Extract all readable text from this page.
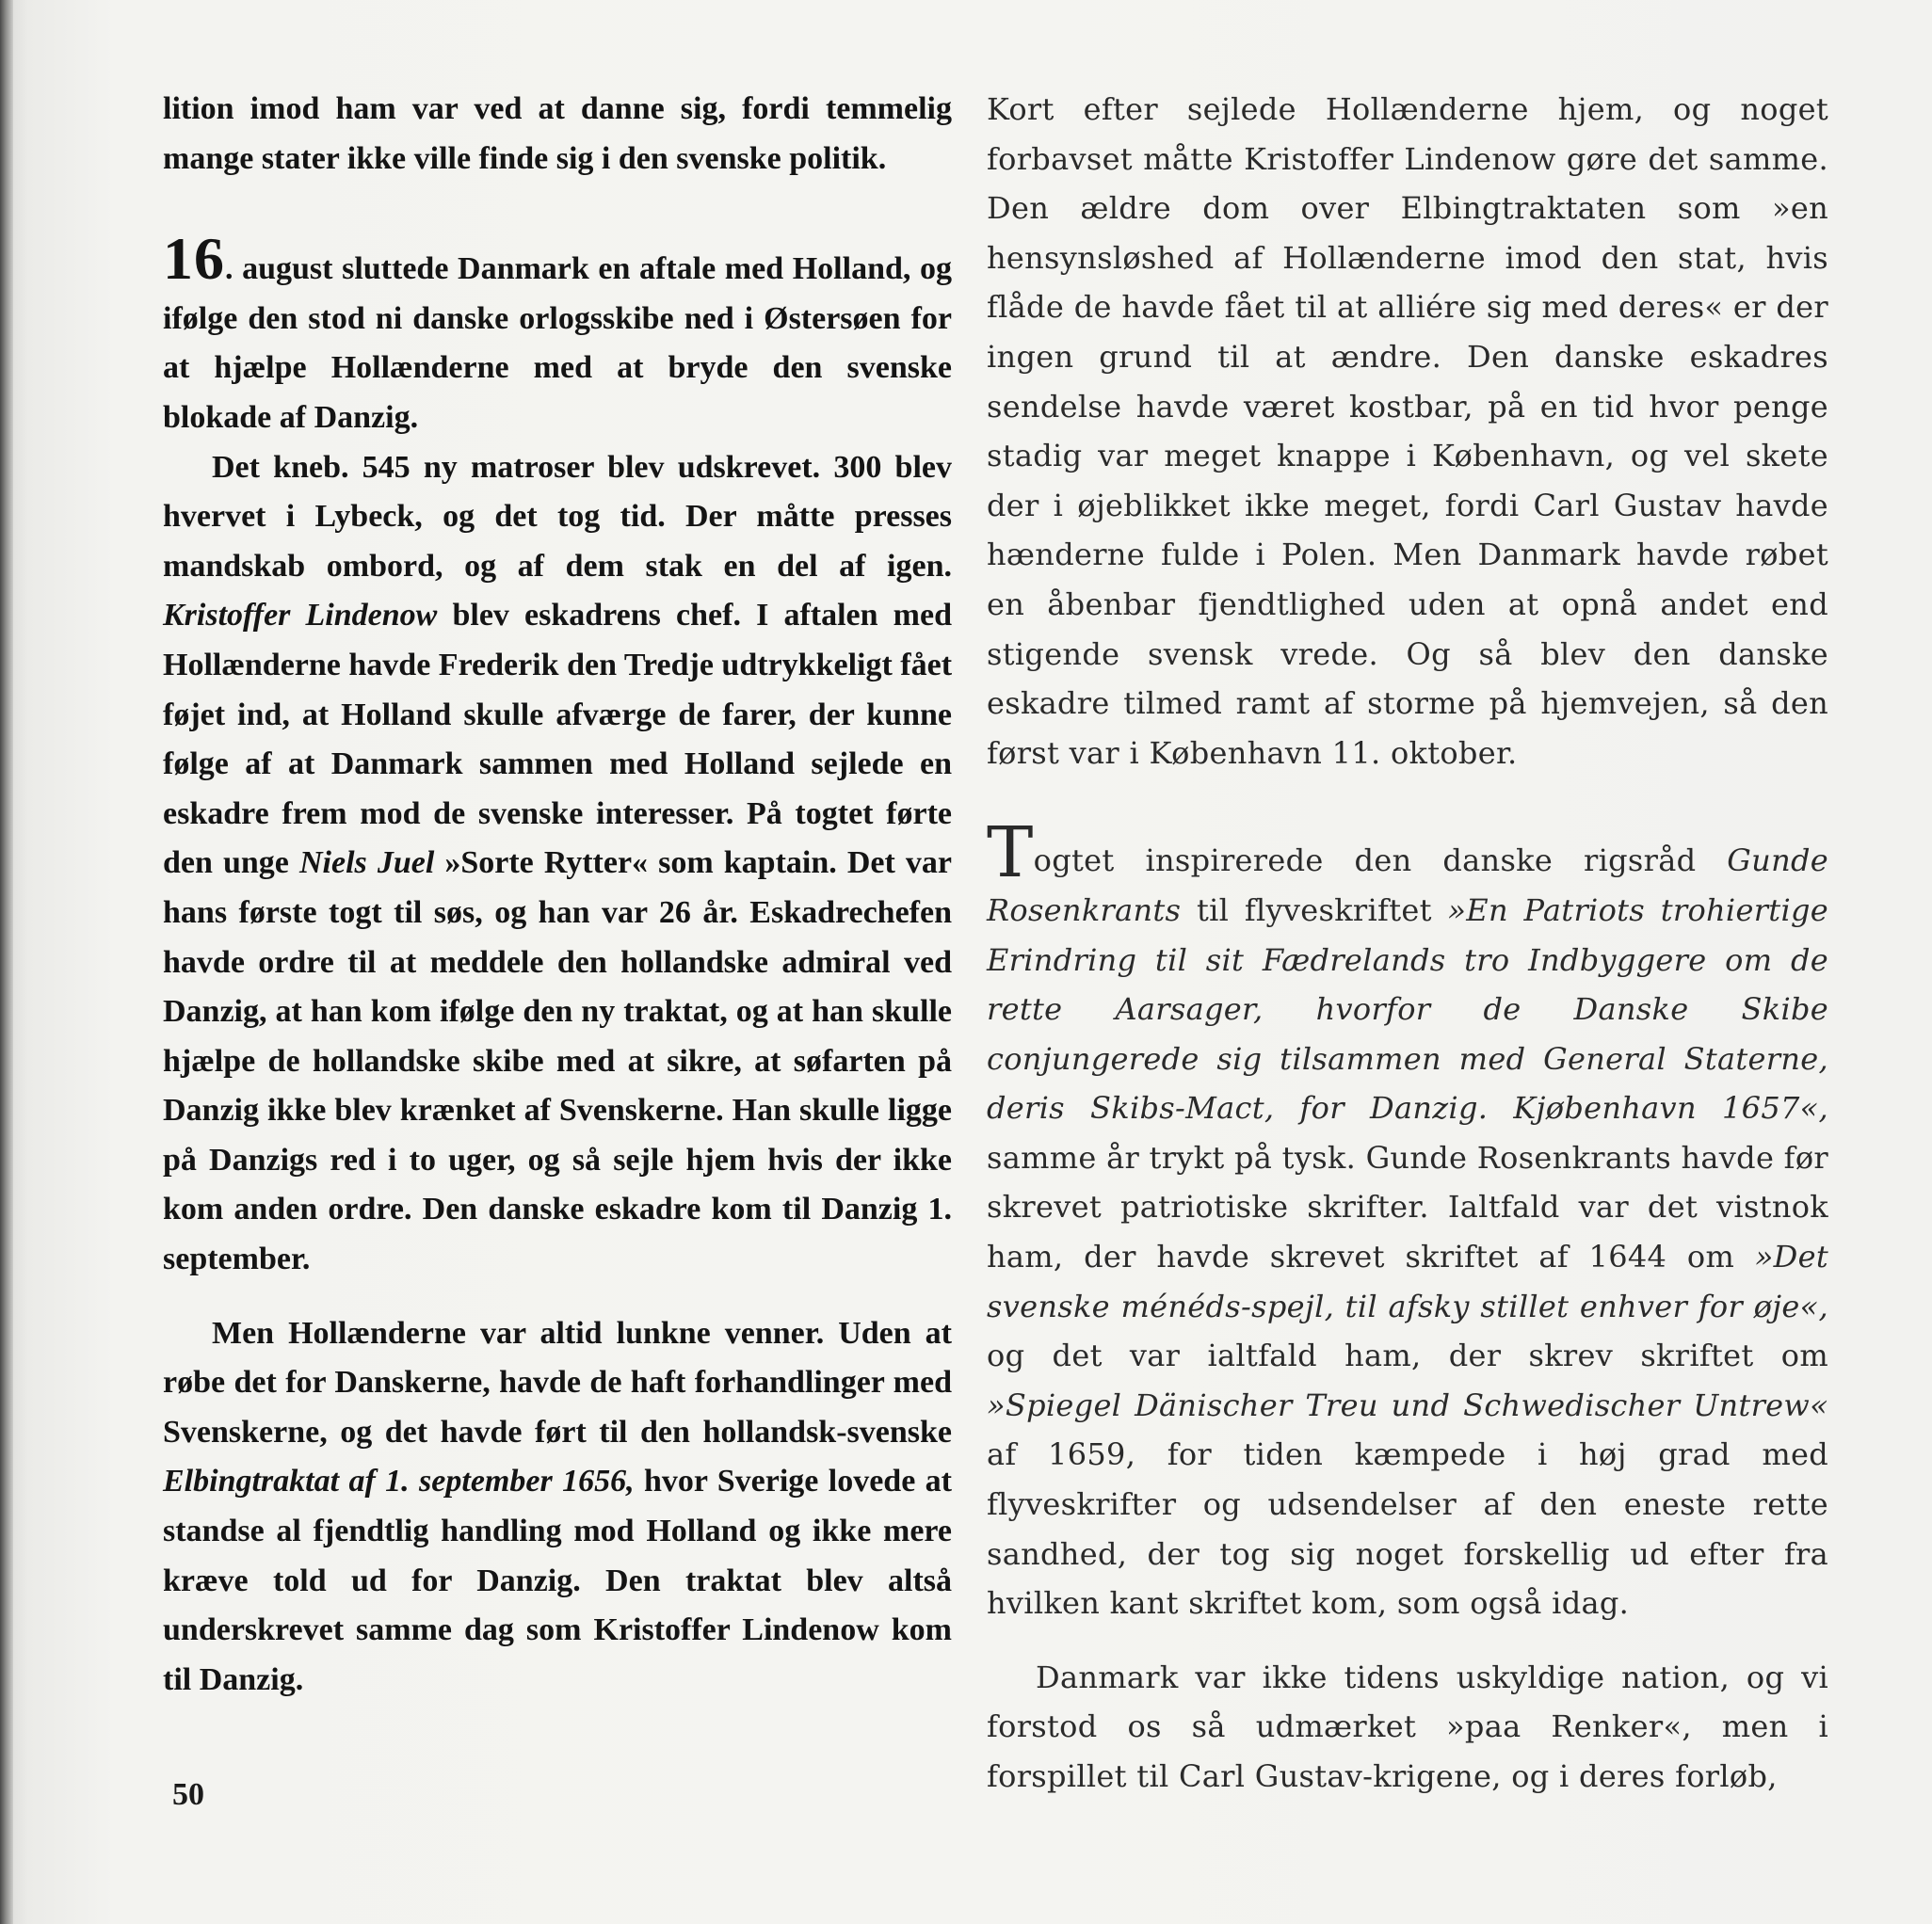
lition imod ham var ved at danne sig, fordi temmelig mange stater ikke ville finde sig i den svenske politik.

16. august sluttede Danmark en aftale med Holland, og ifølge den stod ni danske orlogsskibe ned i Østersøen for at hjælpe Hollænderne med at bryde den svenske blokade af Danzig.

Det kneb. 545 ny matroser blev udskrevet. 300 blev hvervet i Lybeck, og det tog tid. Der måtte presses mandskab ombord, og af dem stak en del af igen. Kristoffer Lindenow blev eskadrens chef. I aftalen med Hollænderne havde Frederik den Tredje udtrykkeligt fået føjet ind, at Holland skulle afværge de farer, der kunne følge af at Danmark sammen med Holland sejlede en eskadre frem mod de svenske interesser. På togtet førte den unge Niels Juel »Sorte Rytter« som kaptain. Det var hans første togt til søs, og han var 26 år. Eskadrechefen havde ordre til at meddele den hollandske admiral ved Danzig, at han kom ifølge den ny traktat, og at han skulle hjælpe de hollandske skibe med at sikre, at søfarten på Danzig ikke blev krænket af Svenskerne. Han skulle ligge på Danzigs red i to uger, og så sejle hjem hvis der ikke kom anden ordre. Den danske eskadre kom til Danzig 1. september.

Men Hollænderne var altid lunkne venner. Uden at røbe det for Danskerne, havde de haft forhandlinger med Svenskerne, og det havde ført til den hollandsk-svenske Elbingtraktat af 1. september 1656, hvor Sverige lovede at standse al fjendtlig handling mod Holland og ikke mere kræve told ud for Danzig. Den traktat blev altså underskrevet samme dag som Kristoffer Lindenow kom til Danzig.

Kort efter sejlede Hollænderne hjem, og noget forbavset måtte Kristoffer Lindenow gøre det samme. Den ældre dom over Elbingtraktaten som »en hensynsløshed af Hollænderne imod den stat, hvis flåde de havde fået til at alliére sig med deres« er der ingen grund til at ændre. Den danske eskadres sendelse havde været kostbar, på en tid hvor penge stadig var meget knappe i København, og vel skete der i øjeblikket ikke meget, fordi Carl Gustav havde hænderne fulde i Polen. Men Danmark havde røbet en åbenbar fjendtlighed uden at opnå andet end stigende svensk vrede. Og så blev den danske eskadre tilmed ramt af storme på hjemvejen, så den først var i København 11. oktober.

Togtet inspirerede den danske rigsråd Gunde Rosenkrants til flyveskriftet »En Patriots trohiertige Erindring til sit Fædrelands tro Indbyggere om de rette Aarsager, hvorfor de Danske Skibe conjungerede sig tilsammen med General Staterne, deris Skibs-Mact, for Danzig. Kjøbenhavn 1657«, samme år trykt på tysk. Gunde Rosenkrants havde før skrevet patriotiske skrifter. Ialtfald var det vistnok ham, der havde skrevet skriftet af 1644 om »Det svenske ménéds-spejl, til afsky stillet enhver for øje«, og det var ialtfald ham, der skrev skriftet om »Spiegel Dänischer Treu und Schwedischer Untrew« af 1659, for tiden kæmpede i høj grad med flyveskrifter og udsendelser af den eneste rette sandhed, der tog sig noget forskellig ud efter fra hvilken kant skriftet kom, som også idag.

Danmark var ikke tidens uskyldige nation, og vi forstod os så udmærket »paa Renker«, men i forspillet til Carl Gustav-krigene, og i deres forløb,

50
